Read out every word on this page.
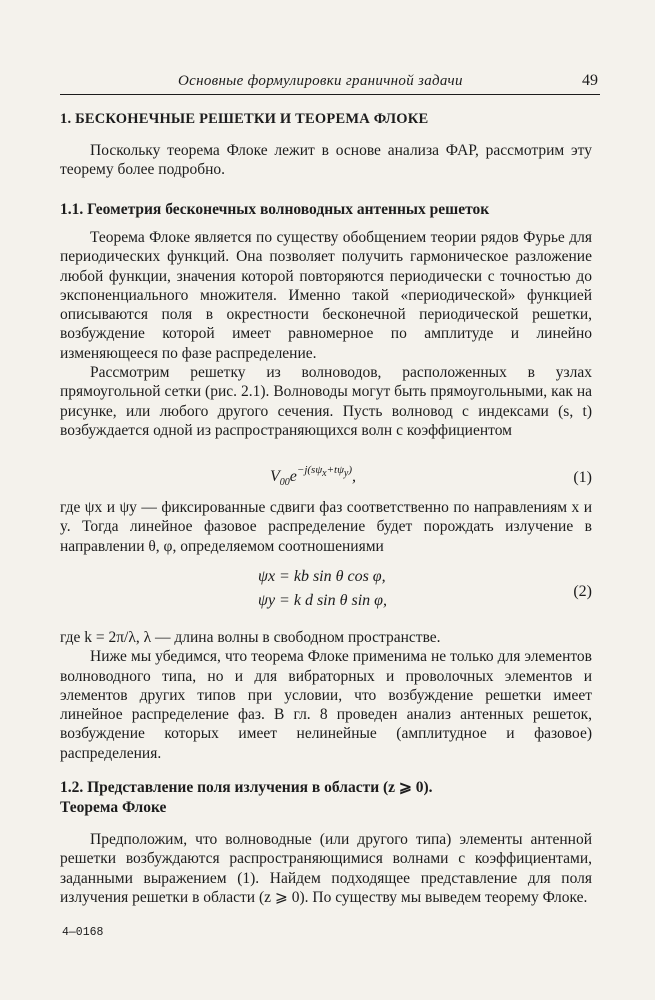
Основные формулировки граничной задачи	49
1. БЕСКОНЕЧНЫЕ РЕШЕТКИ И ТЕОРЕМА ФЛОКЕ

Поскольку теорема Флоке лежит в основе анализа ФАР, рассмотрим эту теорему более подробно.

1.1. Геометрия бесконечных волноводных антенных решеток

Теорема Флоке является по существу обобщением теории рядов Фурье для периодических функций. Она позволяет получить гармоническое разложение любой функции, значения которой повторяются периодически с точностью до экспоненциального множителя. Именно такой «периодической» функцией описываются поля в окрестности бесконечной периодической решетки, возбуждение которой имеет равномерное по амплитуде и линейно изменяющееся по фазе распределение.

Рассмотрим решетку из волноводов, расположенных в узлах прямоугольной сетки (рис. 2.1). Волноводы могут быть прямоугольными, как на рисунке, или любого другого сечения. Пусть волновод с индексами (s, t) возбуждается одной из распространяющихся волн с коэффициентом

$V_{00}e^{-j(s\psi_x+t\psi_y)}$,	(1)

где ψx и ψy — фиксированные сдвиги фаз соответственно по направлениям x и y. Тогда линейное фазовое распределение будет порождать излучение в направлении θ, φ, определяемом соотношениями

ψx = kb sin θ cos φ,
ψy = k d sin θ sin φ,
(2)

где k = 2π/λ, λ — длина волны в свободном пространстве.

Ниже мы убедимся, что теорема Флоке применима не только для элементов волноводного типа, но и для вибраторных и проволочных элементов и элементов других типов при условии, что возбуждение решетки имеет линейное распределение фаз. В гл. 8 проведен анализ антенных решеток, возбуждение которых имеет нелинейные (амплитудное и фазовое) распределения.

1.2. Представление поля излучения в области (z ⩾ 0).
Теорема Флоке

Предположим, что волноводные (или другого типа) элементы антенной решетки возбуждаются распространяющимися волнами с коэффициентами, заданными выражением (1). Найдем подходящее представление для поля излучения решетки в области (z ⩾ 0). По существу мы выведем теорему Флоке.

4—0168
